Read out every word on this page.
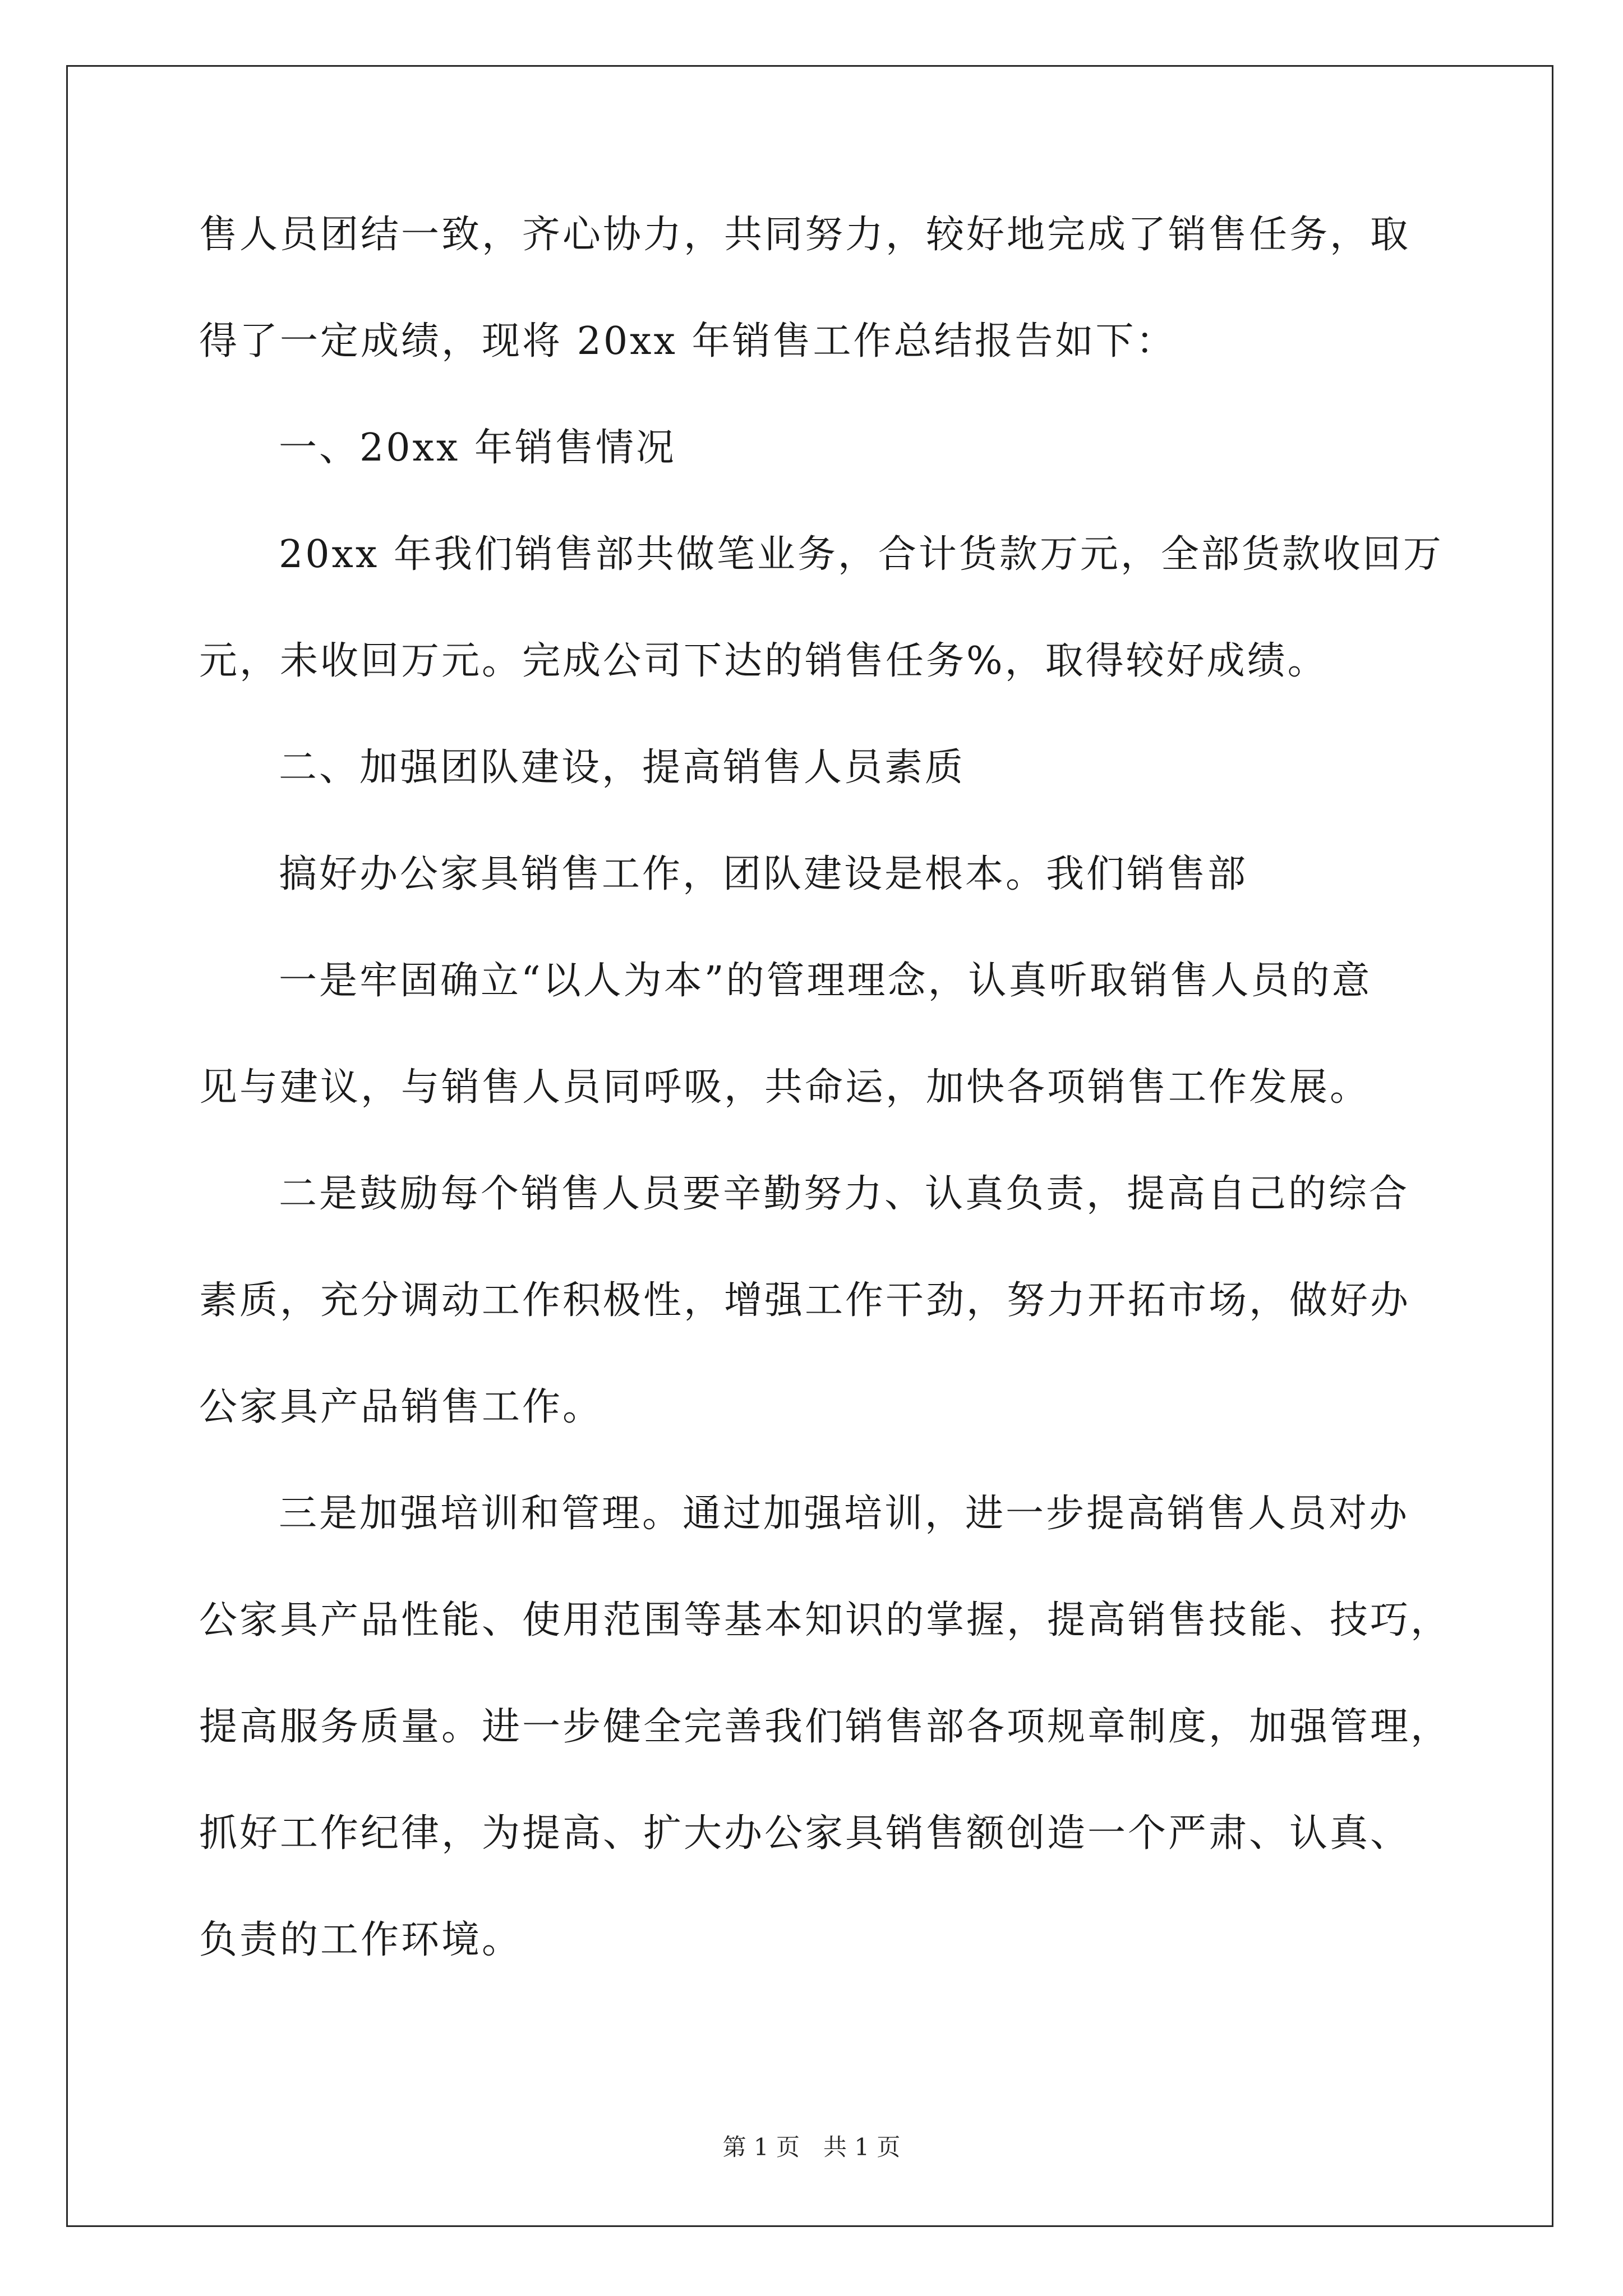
售人员团结一致，齐心协力，共同努力，较好地完成了销售任务，取
得了一定成绩，现将 20xx 年销售工作总结报告如下：
一、20xx 年销售情况
20xx 年我们销售部共做笔业务，合计货款万元，全部货款收回万
元，未收回万元。完成公司下达的销售任务%，取得较好成绩。
二、加强团队建设，提高销售人员素质
搞好办公家具销售工作，团队建设是根本。我们销售部
一是牢固确立“以人为本”的管理理念，认真听取销售人员的意
见与建议，与销售人员同呼吸，共命运，加快各项销售工作发展。
二是鼓励每个销售人员要辛勤努力、认真负责，提高自己的综合
素质，充分调动工作积极性，增强工作干劲，努力开拓市场，做好办
公家具产品销售工作。
三是加强培训和管理。通过加强培训，进一步提高销售人员对办
公家具产品性能、使用范围等基本知识的掌握，提高销售技能、技巧，
提高服务质量。进一步健全完善我们销售部各项规章制度，加强管理，
抓好工作纪律，为提高、扩大办公家具销售额创造一个严肃、认真、
负责的工作环境。
第 1 页　共 1 页
